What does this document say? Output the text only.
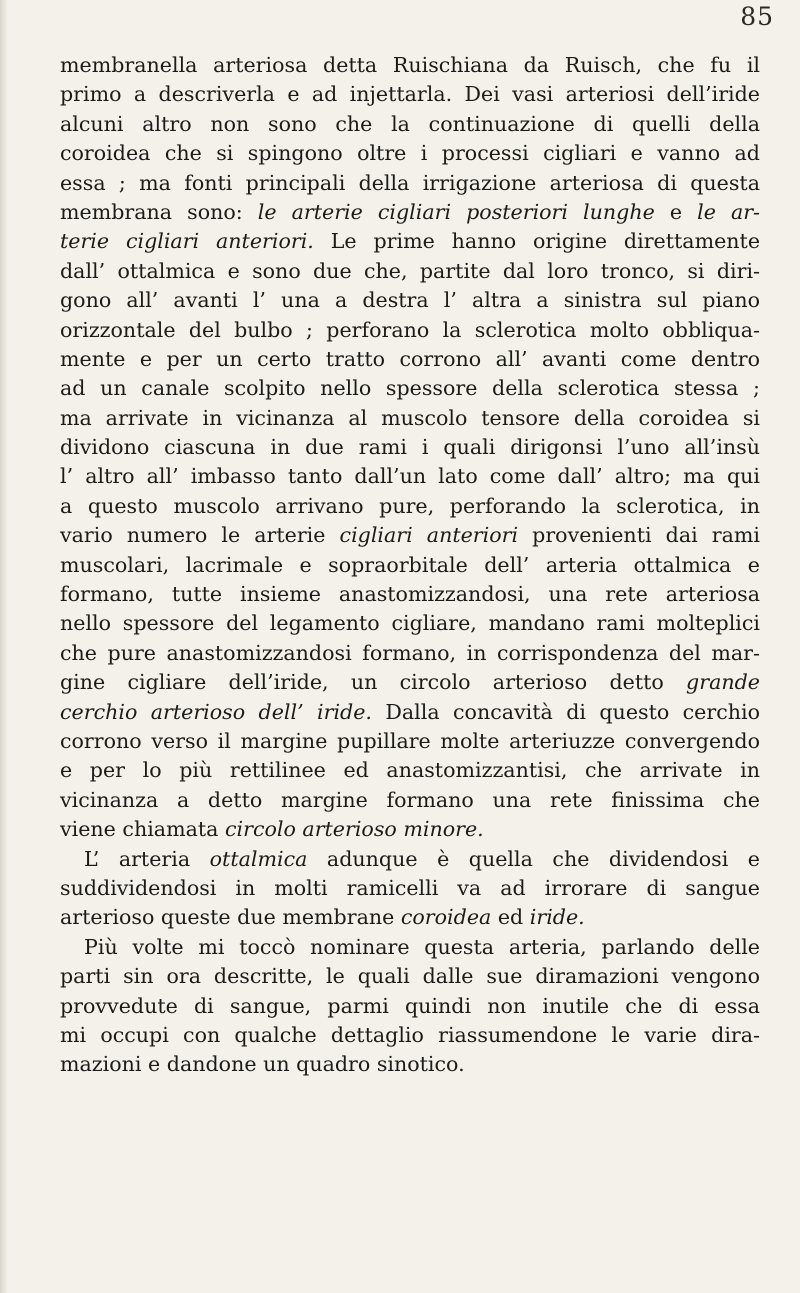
85
membranella arteriosa detta Ruischiana da Ruisch, che fu il
primo a descriverla e ad injettarla. Dei vasi arteriosi dell’iride
alcuni altro non sono che la continuazione di quelli della
coroidea che si spingono oltre i processi cigliari e vanno ad
essa ; ma fonti principali della irrigazione arteriosa di questa
membrana sono: le arterie cigliari posteriori lunghe e le ar-
terie cigliari anteriori. Le prime hanno origine direttamente
dall’ ottalmica e sono due che, partite dal loro tronco, si diri-
gono all’ avanti l’ una a destra l’ altra a sinistra sul piano
orizzontale del bulbo ; perforano la sclerotica molto obbliqua-
mente e per un certo tratto corrono all’ avanti come dentro
ad un canale scolpito nello spessore della sclerotica stessa ;
ma arrivate in vicinanza al muscolo tensore della coroidea si
dividono ciascuna in due rami i quali dirigonsi l’uno all’insù
l’ altro all’ imbasso tanto dall’un lato come dall’ altro; ma qui
a questo muscolo arrivano pure, perforando la sclerotica, in
vario numero le arterie cigliari anteriori provenienti dai rami
muscolari, lacrimale e sopraorbitale dell’ arteria ottalmica e
formano, tutte insieme anastomizzandosi, una rete arteriosa
nello spessore del legamento cigliare, mandano rami molteplici
che pure anastomizzandosi formano, in corrispondenza del mar-
gine cigliare dell’iride, un circolo arterioso detto grande
cerchio arterioso dell’ iride. Dalla concavità di questo cerchio
corrono verso il margine pupillare molte arteriuzze convergendo
e per lo più rettilinee ed anastomizzantisi, che arrivate in
vicinanza a detto margine formano una rete finissima che
viene chiamata circolo arterioso minore.
L’ arteria ottalmica adunque è quella che dividendosi e
suddividendosi in molti ramicelli va ad irrorare di sangue
arterioso queste due membrane coroidea ed iride.
Più volte mi toccò nominare questa arteria, parlando delle
parti sin ora descritte, le quali dalle sue diramazioni vengono
provvedute di sangue, parmi quindi non inutile che di essa
mi occupi con qualche dettaglio riassumendone le varie dira-
mazioni e dandone un quadro sinotico.
